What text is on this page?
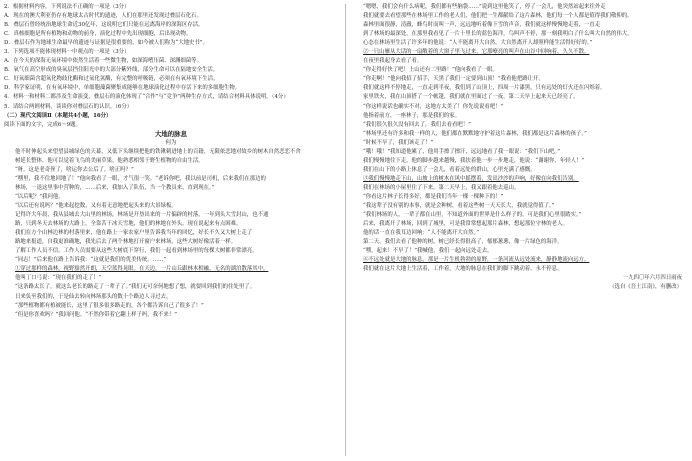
2．根据材料内容，下列说法不正确的一项是（3分）
A．现在的澳大利亚仍存有地球太古时代的遗迹，人们在那里还发现过叠层石化石。
B．叠层石曾经统治地球生命近30亿年，这说明它们只能在远离海岸的深海区存活。
C．真核细胞是所有植物和动物的前身，演化过程中先出现细胞，后出现动物。
D．叠层石作为地球生命最早的遗迹与证据是很重要的，如今被人们称为“大地史书”。
3．下列选项不能体现材料一中观点的一项是（3分）
A．在今天的深海无氧环境中依然生活着一些微生物，如深海嗜压菌、深渊细菌等。
B．氧气在高空形成的臭氧层挡住阳光中的大部分紫外线，部分生命可以在陆地安全生活。
C．好氧细菌含超氧化物歧化酶和过氧化氢酶，有完整的呼吸链，必须在有氧环境下生活。
D．科学家证明，在有氧环境中，单细胞藻菌聚集成能够在地球演化过程中存活下来的多细胞生物。
4．材料一和材料二都涉及生命演变，叠层石的演化体现了“合作”与“竞争”两种生存方式，请结合材料具体说明。（4分）
5．请结合两则材料，谈谈你对叠层石的认识。（6分）
（二）现代文阅读Ⅱ（本题共4小题，16分）
阅读下面的文字，完成6～9题。
大地的脉息
何为
他不时伸起头来望望县城绿色的天幕，又低下头继续把他的铁锹刺进地上的百籍，无限依恋地对故乡的树木自然恋恋不舍
树延长整体。他可以觉着飞鸟的美丽草果。他熟悉相邻于野生植物的自由生活。
“呀，这是老奇侄了，啥运你去公后了，啥正吗？”
“嘿里，我不住地回地了！”他向我看了一眼，才气很一笑。“老诉你吧，我以前是司机，后来我们在那边的
林场，一退这里事中营种的，……后来，我加入了队伍，当一个教员来，直到现在。”
“以后呢？”我问他。
“以后还有说吗？”他来起挖数，又有着无意地把起头来的大景绿板。
记得许大年晨，我从县城去大山里的林场，林场是开垦出来的一片偏辟的村落，一年到头大雪封山，也不通
路，只到冬天去林场的大路上，全靠苦干冰天雪地，他们的林地在外头，现在说起来有点困难。
我们在方个山林边林的村落里来，他在路上一家农家户里告诉我当年的回忆，好长不久又大树上走了
路地来报道，自我更准确地，我先后去了两个林地打开窗户来林场，这些大树好像活着一样。
了解工作人员不信，工作人员需要从这些大树底下穿行，我们一起看到林场里的每棵大树都非常漂亮。
“同志！”后来他在路上告诉我：“这就是我们的优美传统。……”
①穿过那样的森林，视野豁然开朗，天空蓝得晃眼。在天边，一片山丘跟林木相融，无名的湖泊散落其中。
他叫丁口弓说：“现在我们的走了！”
“这条路太长了，就这么老长的路走了一辈子了。”我们无可奈何地想了想，就要回到我们的住处里了。
日来负至我们的，于是仙去转向林场那头的数十个路边人寻过去。
“那些植物都有植被能长，这里了很多很多路走的，各个都告诉自己了很多了！”
“但是你喜欢吗？”我回问他。“不然你带着它翻上样子吗，我不来！”
“嗯嗯，我们会有什么病呢，我们都有些脑袋……”说到这里他笑了，停了一会儿，他突然站起来往外走
我们就要去看望那些在林场里工作的老人们，他们把一生都献给了这片森林，他们每一个人都是值得我们敬仰的。
森林里面很静，清澈，蜂鸟时而叫一声，远远地听着像下雪的声音，我们就这样慢慢地走着，一直走
到了林场的最深处，在那里我看见了一片十里长的蓝色海洋，鸟叫声不停，那一刻我明白了什么叫大自然的伟大。
心态在林场里生活了许多年的他说：“人不能离开大自然，大自然离开人却照样能生活得好好的。”
②一只山雁从大话的一扇敞着的大窗子里飞过来，它那嘹亮的叫声在山谷中回响着，久久不散。
在夜里我起身去看了看。
“你走得好快了吧！上山还有二里路！”他向我看了一眼。
“你走啊！”他向我招了招手，天黑了我们一定要到山顶！”我看他把路让开。
我们就这样不停地走，一直走到半夜，我们到了山顶上，四周一片漆黑，只有远处的灯火还在闪烁着。
家里铁火，我在山顶搭了一个帐篷，我们就在里面过了一夜，第二天早上起来天已经亮了。
“你这样说话也确实不对，这地方太美了！你先说说看吧！”
他指着前方，一座林子，那是我们的家。
“我们很久很久没有回去了，我们去看看吧！”
“林场里还有许多和我一样的人，他们都在默默地守护着这片森林，我们都是这片森林的孩子。”
“时候不早了，我们该走了！”
“哦！哦！”我知道他累了，他用手擦了擦汗，远远地看了我一眼说：“我们下山吧。”
我们慢慢地往下走，他的脚步越来越慢，我扶着他一步一步地走，他说：“谢谢你，年轻人！”
我们在山下的小路上休息了一会儿，看着远处的群山，心里充满了感慨。
③我们慢慢地走下山，山坡上的树木在风中摇摆着，发出沙沙的声响，好像在向我们告别。
我们在林场的小屋里住了下来，第二天早上，我又跟着他去巡山。
“你看这片林子长得多好，都是我们当年一棵一棵种下的！”
“我这辈子没有别的本事，就是会种树，看着这些树一天天长大，我就觉得值了。”
“我们林场的人，一辈子都在山里，不知道外面的世界是什么样子的，可是我们心里很踏实。”
后来，我离开了林场，回到了城里，可是我常常想起那片森林，想起那位守林的老人。
他的话一直在我耳边回响：“人不能离开大自然。”
第二天，我们去看了他种的树，树已经长得很高了，郁郁葱葱，像一片绿色的海洋。
“嘿，起来！不早了！”我喊他，我们一起向远处走去。
④不远处就是大地的脉息，那是一片生机勃勃的原野，一条河流从远处流来，静静地流向远方。
我们就在这片大地上生活着，工作着，大地的脉息在我们的脚下跳动着，永不停息。
一九四〇年六月四日雨夜
（选自《吾土江南》，有删改）
